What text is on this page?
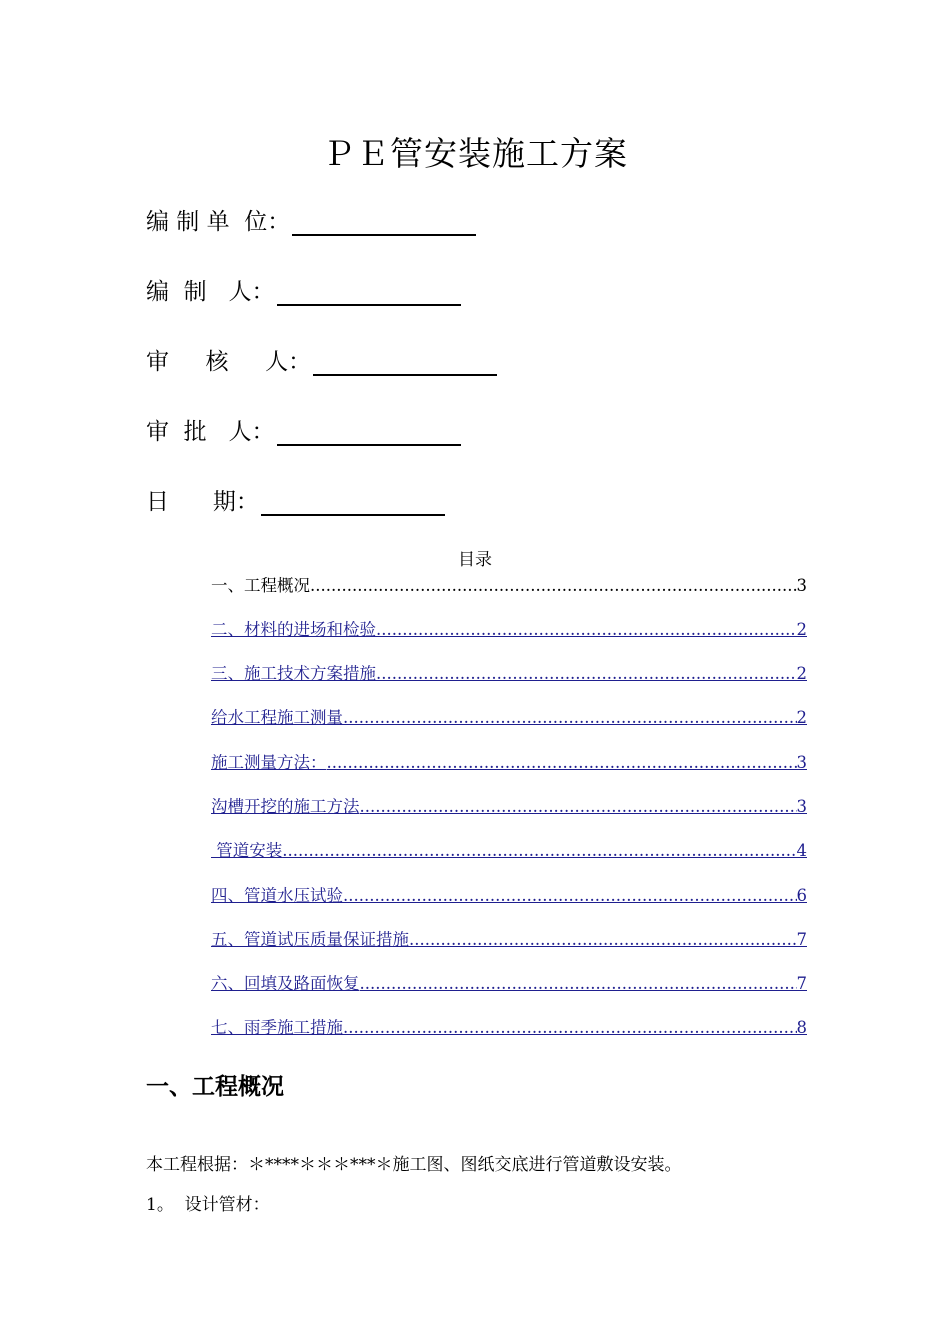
ＰＥ管安装施工方案
编 制 单  位：
编  制   人：
审     核     人：
审  批   人：
日      期：
目录
一、工程概况 .....	3
二、材料的进场和检验 .....	2
三、施工技术方案措施 .....	2
给水工程施工测量 .....	2
施工测量方法： .....	3
沟槽开挖的施工方法 .....	3
管道安装 .....	4
四、管道水压试验 .....	6
五、管道试压质量保证措施 .....	7
六、回填及路面恢复 .....	7
七、雨季施工措施 .....	8
一、工程概况
本工程根据：＊****＊＊＊***＊施工图、图纸交底进行管道敷设安装。
1。  设计管材：
